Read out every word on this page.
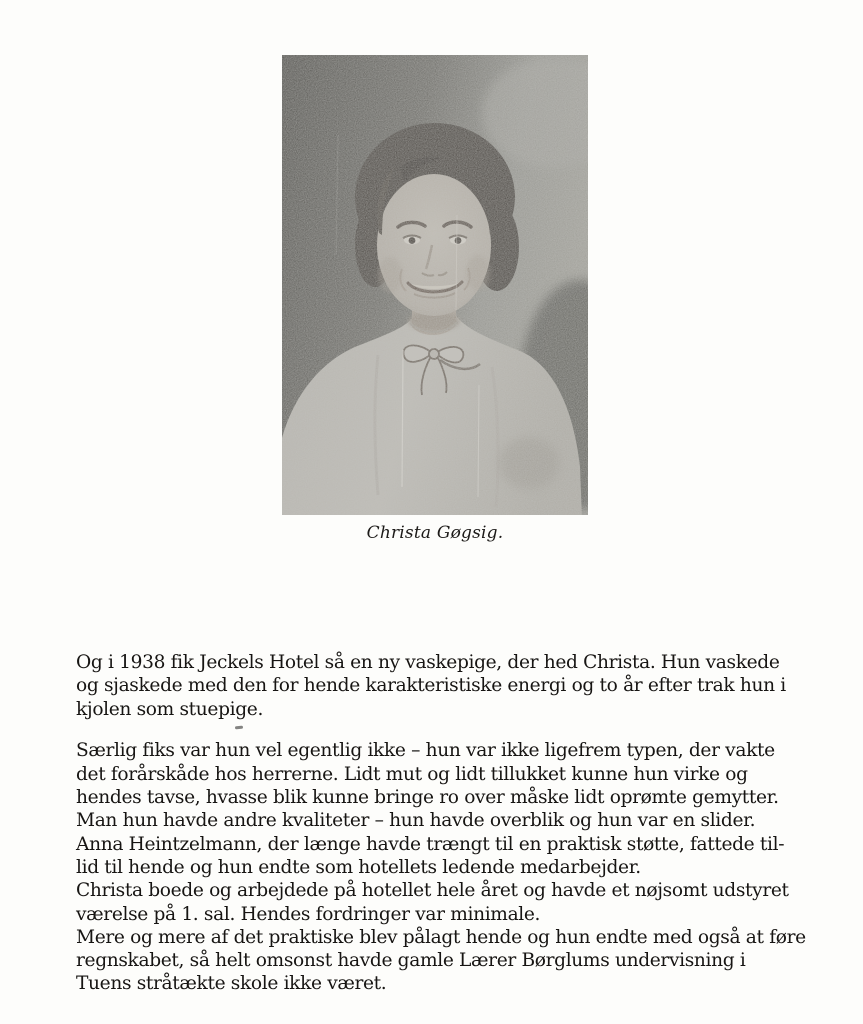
Christa Gøgsig.

Og i 1938 fik Jeckels Hotel så en ny vaskepige, der hed Christa. Hun vaskede
og sjaskede med den for hende karakteristiske energi og to år efter trak hun i
kjolen som stuepige.

Særlig fiks var hun vel egentlig ikke – hun var ikke ligefrem typen, der vakte
det forårskåde hos herrerne. Lidt mut og lidt tillukket kunne hun virke og
hendes tavse, hvasse blik kunne bringe ro over måske lidt oprømte gemytter.
Man hun havde andre kvaliteter – hun havde overblik og hun var en slider.
Anna Heintzelmann, der længe havde trængt til en praktisk støtte, fattede til-
lid til hende og hun endte som hotellets ledende medarbejder.
Christa boede og arbejdede på hotellet hele året og havde et nøjsomt udstyret
værelse på 1. sal. Hendes fordringer var minimale.
Mere og mere af det praktiske blev pålagt hende og hun endte med også at føre
regnskabet, så helt omsonst havde gamle Lærer Børglums undervisning i
Tuens stråtækte skole ikke været.
